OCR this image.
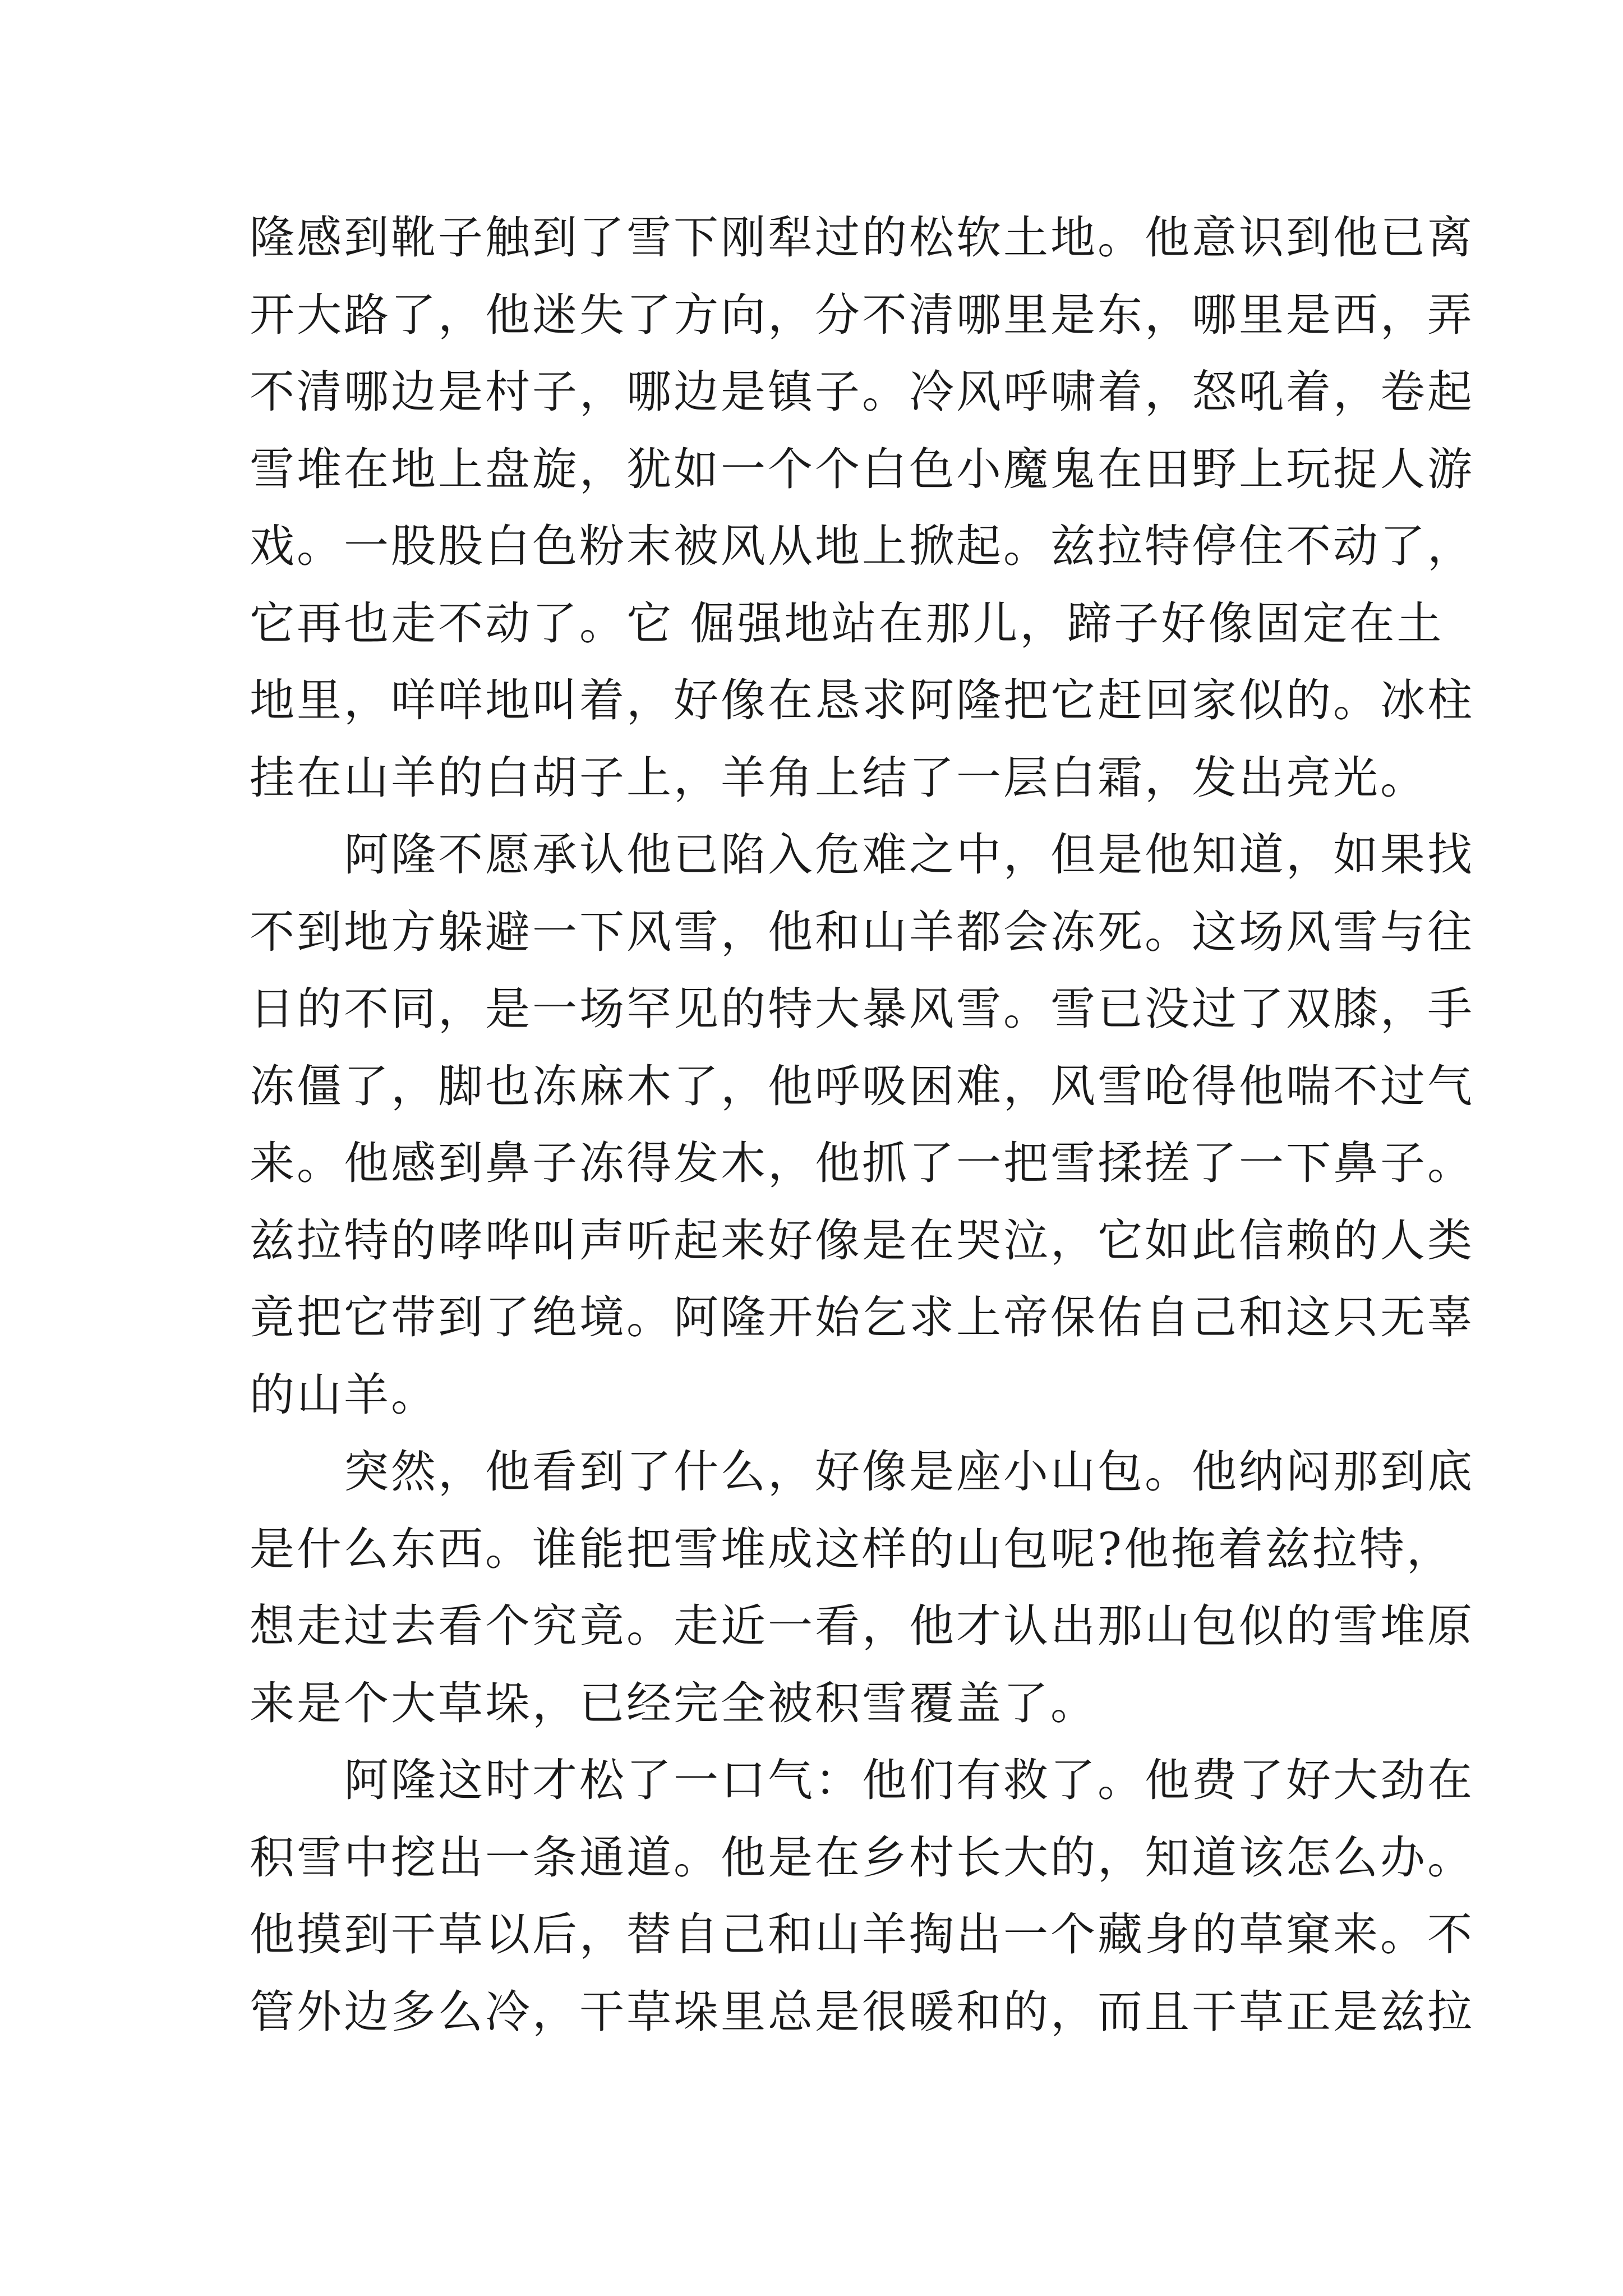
隆感到靴子触到了雪下刚犁过的松软土地。他意识到他已离
开大路了，他迷失了方向，分不清哪里是东，哪里是西，弄
不清哪边是村子，哪边是镇子。冷风呼啸着，怒吼着，卷起
雪堆在地上盘旋，犹如一个个白色小魔鬼在田野上玩捉人游
戏。一股股白色粉末被风从地上掀起。兹拉特停住不动了，
它再也走不动了。它 倔强地站在那儿，蹄子好像固定在土
地里，咩咩地叫着，好像在恳求阿隆把它赶回家似的。冰柱
挂在山羊的白胡子上，羊角上结了一层白霜，发出亮光。
阿隆不愿承认他已陷入危难之中，但是他知道，如果找
不到地方躲避一下风雪，他和山羊都会冻死。这场风雪与往
日的不同，是一场罕见的特大暴风雪。雪已没过了双膝，手
冻僵了，脚也冻麻木了，他呼吸困难，风雪呛得他喘不过气
来。他感到鼻子冻得发木，他抓了一把雪揉搓了一下鼻子。
兹拉特的哮哗叫声听起来好像是在哭泣，它如此信赖的人类
竟把它带到了绝境。阿隆开始乞求上帝保佑自己和这只无辜
的山羊。
突然，他看到了什么，好像是座小山包。他纳闷那到底
是什么东西。谁能把雪堆成这样的山包呢?他拖着兹拉特，
想走过去看个究竟。走近一看，他才认出那山包似的雪堆原
来是个大草垛，已经完全被积雪覆盖了。
阿隆这时才松了一口气：他们有救了。他费了好大劲在
积雪中挖出一条通道。他是在乡村长大的，知道该怎么办。
他摸到干草以后，替自己和山羊掏出一个藏身的草窠来。不
管外边多么冷，干草垛里总是很暖和的，而且干草正是兹拉
